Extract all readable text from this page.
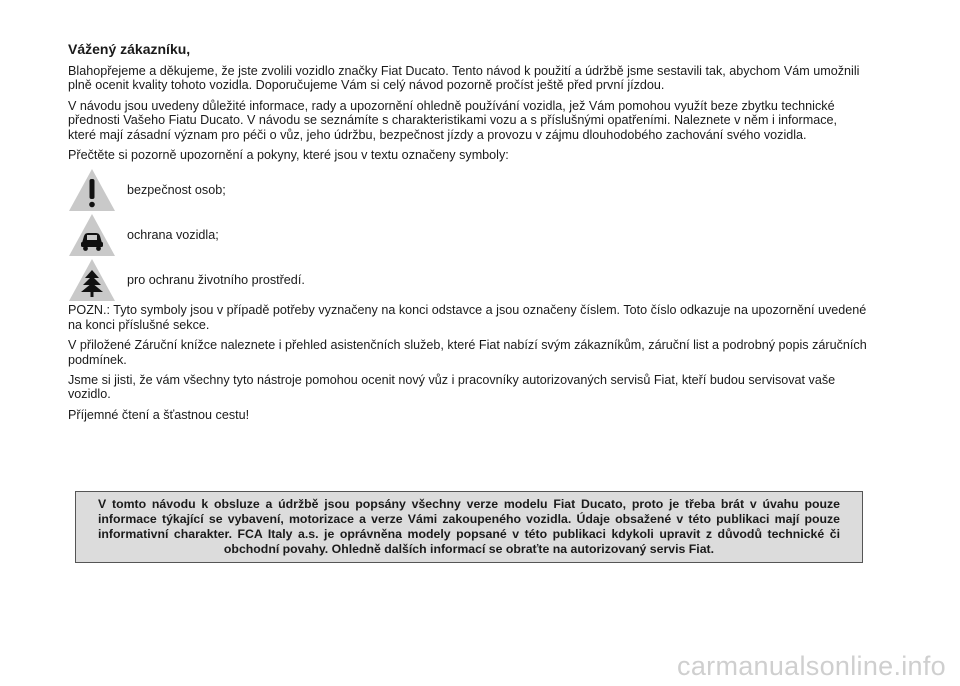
Vážený zákazníku,

Blahopřejeme a děkujeme, že jste zvolili vozidlo značky Fiat Ducato. Tento návod k použití a údržbě jsme sestavili tak, abychom Vám umožnili plně ocenit kvality tohoto vozidla. Doporučujeme Vám si celý návod pozorně pročíst ještě před první jízdou.

V návodu jsou uvedeny důležité informace, rady a upozornění ohledně používání vozidla, jež Vám pomohou využít beze zbytku technické přednosti Vašeho Fiatu Ducato. V návodu se seznámíte s charakteristikami vozu a s příslušnými opatřeními. Naleznete v něm i informace, které mají zásadní význam pro péči o vůz, jeho údržbu, bezpečnost jízdy a provozu v zájmu dlouhodobého zachování svého vozidla.

Přečtěte si pozorně upozornění a pokyny, které jsou v textu označeny symboly:

bezpečnost osob;
ochrana vozidla;
pro ochranu životního prostředí.

POZN.: Tyto symboly jsou v případě potřeby vyznačeny na konci odstavce a jsou označeny číslem. Toto číslo odkazuje na upozornění uvedené na konci příslušné sekce.

V přiložené Záruční knížce naleznete i přehled asistenčních služeb, které Fiat nabízí svým zákazníkům, záruční list a podrobný popis záručních podmínek.

Jsme si jisti, že vám všechny tyto nástroje pomohou ocenit nový vůz i pracovníky autorizovaných servisů Fiat, kteří budou servisovat vaše vozidlo.

Příjemné čtení a šťastnou cestu!

V tomto návodu k obsluze a údržbě jsou popsány všechny verze modelu Fiat Ducato, proto je třeba brát v úvahu pouze informace týkající se vybavení, motorizace a verze Vámi zakoupeného vozidla. Údaje obsažené v této publikaci mají pouze informativní charakter. FCA Italy a.s. je oprávněna modely popsané v této publikaci kdykoli upravit z důvodů technické či obchodní povahy. Ohledně dalších informací se obraťte na autorizovaný servis Fiat.
carmanualsonline.info
